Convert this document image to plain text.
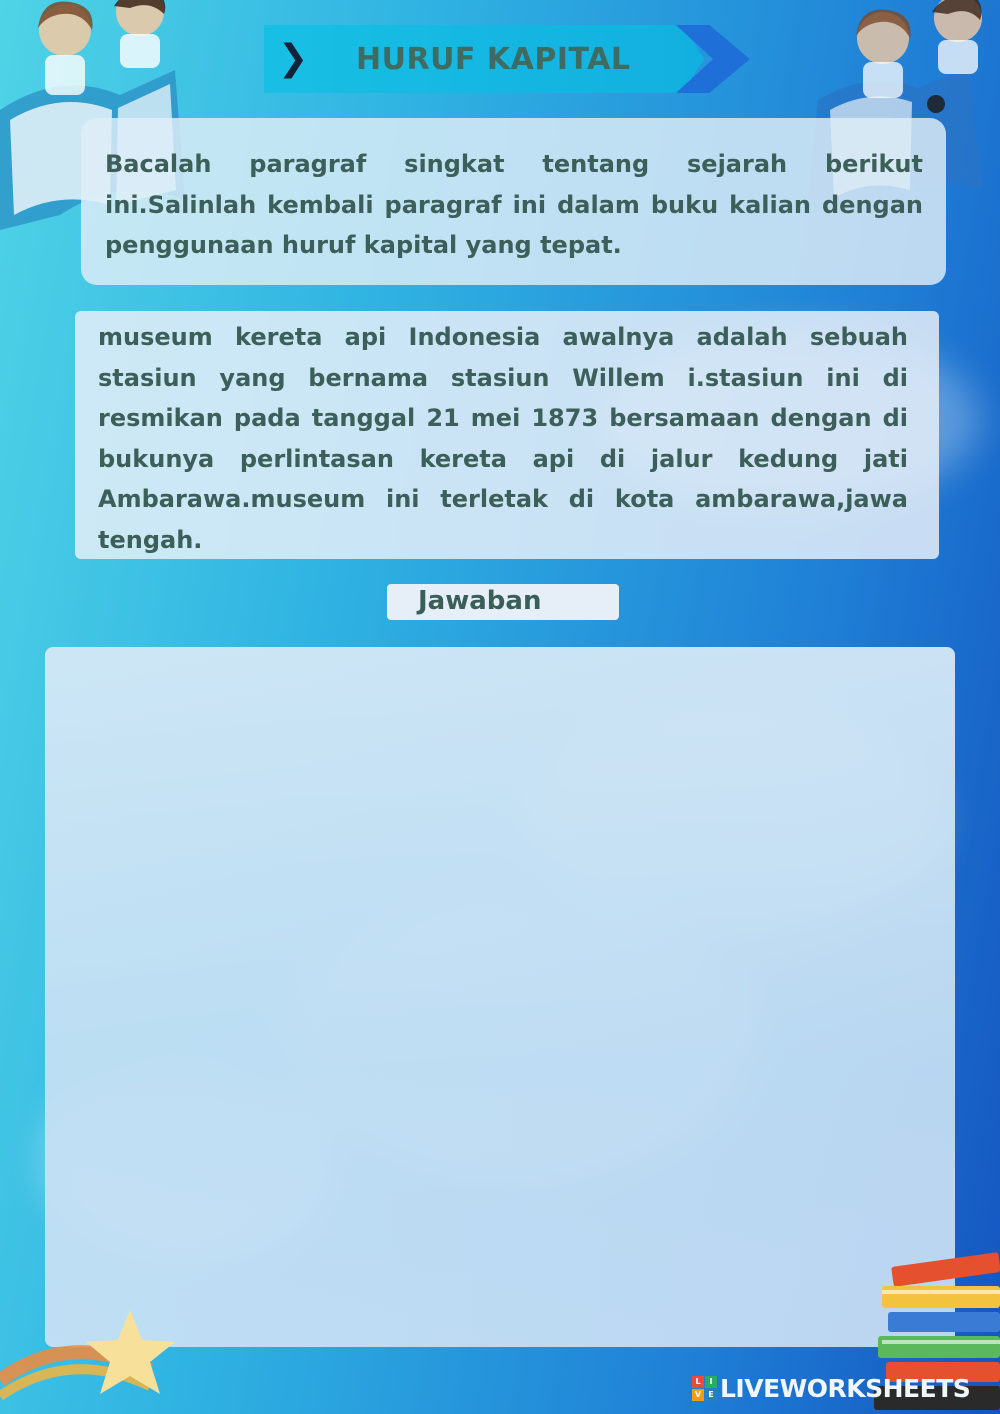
❯ HURUF KAPITAL

Bacalah paragraf singkat tentang sejarah berikut ini.Salinlah kembali paragraf ini dalam buku kalian dengan penggunaan huruf kapital yang tepat.

museum kereta api Indonesia awalnya adalah sebuah stasiun yang bernama stasiun Willem i.stasiun ini di resmikan pada tanggal 21 mei 1873 bersamaan dengan di bukunya perlintasan kereta api di jalur kedung jati Ambarawa.museum ini terletak di kota ambarawa,jawa tengah.

Jawaban
L	I
V E LIVEWORKSHEETS
